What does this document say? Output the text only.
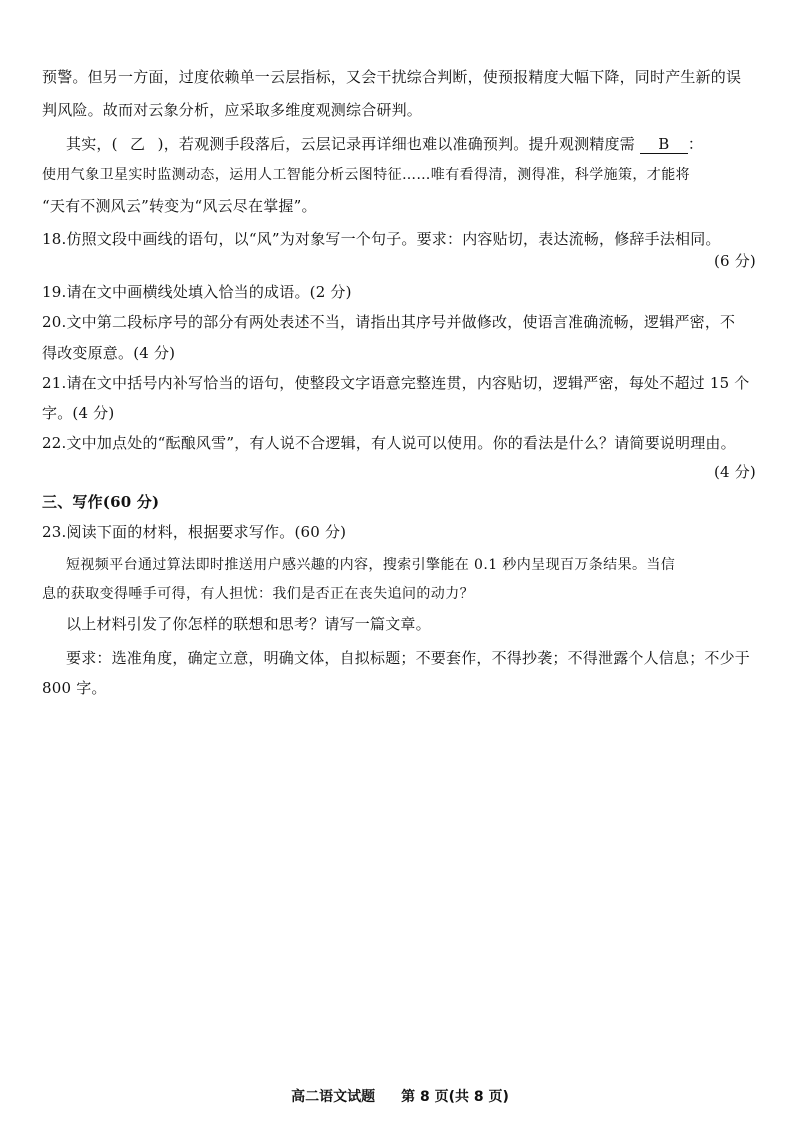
预警。但另一方面，过度依赖单一云层指标，又会干扰综合判断，使预报精度大幅下降，同时产生新的误
判风险。故而对云象分析，应采取多维度观测综合研判。
其实，( 乙 )，若观测手段落后，云层记录再详细也难以准确预判。提升观测精度需 B ：
使用气象卫星实时监测动态，运用人工智能分析云图特征……唯有看得清，测得准，科学施策，才能将
“天有不测风云”转变为“风云尽在掌握”。
18.仿照文段中画线的语句，以“风”为对象写一个句子。要求：内容贴切，表达流畅，修辞手法相同。
(6 分)
19.请在文中画横线处填入恰当的成语。(2 分)
20.文中第二段标序号的部分有两处表述不当，请指出其序号并做修改，使语言准确流畅，逻辑严密，不
得改变原意。(4 分)
21.请在文中括号内补写恰当的语句，使整段文字语意完整连贯，内容贴切，逻辑严密，每处不超过 15 个
字。(4 分)
22.文中加点处的“酝酿风雪”，有人说不合逻辑，有人说可以使用。你的看法是什么？请简要说明理由。
(4 分)
三、写作(60 分)
23.阅读下面的材料，根据要求写作。(60 分)
短视频平台通过算法即时推送用户感兴趣的内容，搜索引擎能在 0.1 秒内呈现百万条结果。当信
息的获取变得唾手可得，有人担忧：我们是否正在丧失追问的动力？
以上材料引发了你怎样的联想和思考？请写一篇文章。
要求：选准角度，确定立意，明确文体，自拟标题；不要套作，不得抄袭；不得泄露个人信息；不少于
800 字。
高二语文试题 第 8 页(共 8 页)
